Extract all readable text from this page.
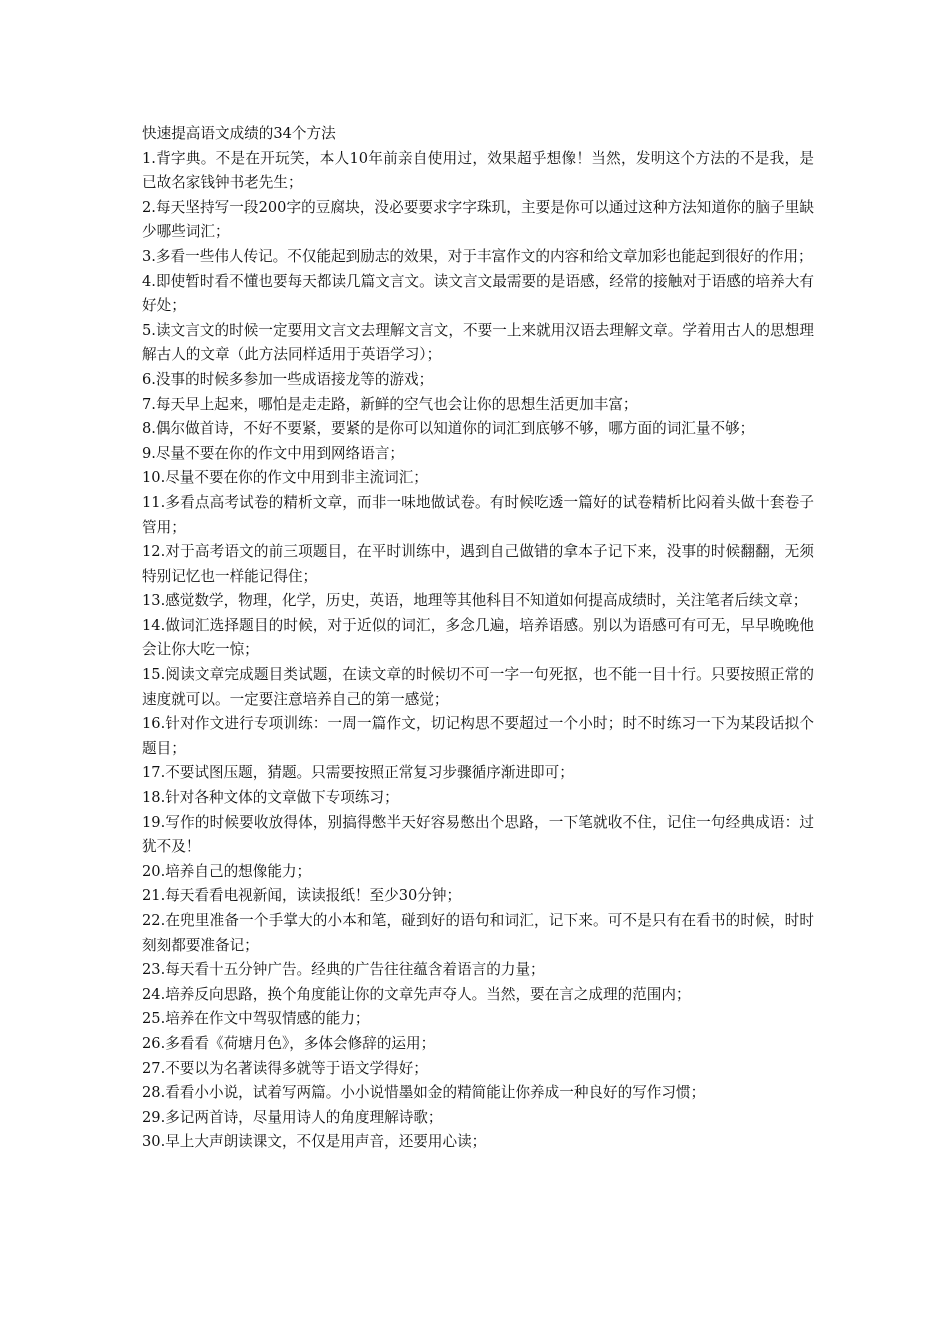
快速提高语文成绩的34个方法
1.背字典。不是在开玩笑，本人10年前亲自使用过，效果超乎想像！当然，发明这个方法的不是我，是已故名家钱钟书老先生；
2.每天坚持写一段200字的豆腐块，没必要要求字字珠玑，主要是你可以通过这种方法知道你的脑子里缺少哪些词汇；
3.多看一些伟人传记。不仅能起到励志的效果，对于丰富作文的内容和给文章加彩也能起到很好的作用；
4.即使暂时看不懂也要每天都读几篇文言文。读文言文最需要的是语感，经常的接触对于语感的培养大有好处；
5.读文言文的时候一定要用文言文去理解文言文，不要一上来就用汉语去理解文章。学着用古人的思想理解古人的文章（此方法同样适用于英语学习）；
6.没事的时候多参加一些成语接龙等的游戏；
7.每天早上起来，哪怕是走走路，新鲜的空气也会让你的思想生活更加丰富；
8.偶尔做首诗，不好不要紧，要紧的是你可以知道你的词汇到底够不够，哪方面的词汇量不够；
9.尽量不要在你的作文中用到网络语言；
10.尽量不要在你的作文中用到非主流词汇；
11.多看点高考试卷的精析文章，而非一味地做试卷。有时候吃透一篇好的试卷精析比闷着头做十套卷子管用；
12.对于高考语文的前三项题目，在平时训练中，遇到自己做错的拿本子记下来，没事的时候翻翻，无须特别记忆也一样能记得住；
13.感觉数学，物理，化学，历史，英语，地理等其他科目不知道如何提高成绩时，关注笔者后续文章；
14.做词汇选择题目的时候，对于近似的词汇，多念几遍，培养语感。别以为语感可有可无，早早晚晚他会让你大吃一惊；
15.阅读文章完成题目类试题，在读文章的时候切不可一字一句死抠，也不能一目十行。只要按照正常的速度就可以。一定要注意培养自己的第一感觉；
16.针对作文进行专项训练：一周一篇作文，切记构思不要超过一个小时；时不时练习一下为某段话拟个题目；
17.不要试图压题，猜题。只需要按照正常复习步骤循序渐进即可；
18.针对各种文体的文章做下专项练习；
19.写作的时候要收放得体，别搞得憋半天好容易憋出个思路，一下笔就收不住，记住一句经典成语：过犹不及！
20.培养自己的想像能力；
21.每天看看电视新闻，读读报纸！至少30分钟；
22.在兜里准备一个手掌大的小本和笔，碰到好的语句和词汇，记下来。可不是只有在看书的时候，时时刻刻都要准备记；
23.每天看十五分钟广告。经典的广告往往蕴含着语言的力量；
24.培养反向思路，换个角度能让你的文章先声夺人。当然，要在言之成理的范围内；
25.培养在作文中驾驭情感的能力；
26.多看看《荷塘月色》，多体会修辞的运用；
27.不要以为名著读得多就等于语文学得好；
28.看看小小说，试着写两篇。小小说惜墨如金的精简能让你养成一种良好的写作习惯；
29.多记两首诗，尽量用诗人的角度理解诗歌；
30.早上大声朗读课文，不仅是用声音，还要用心读；
